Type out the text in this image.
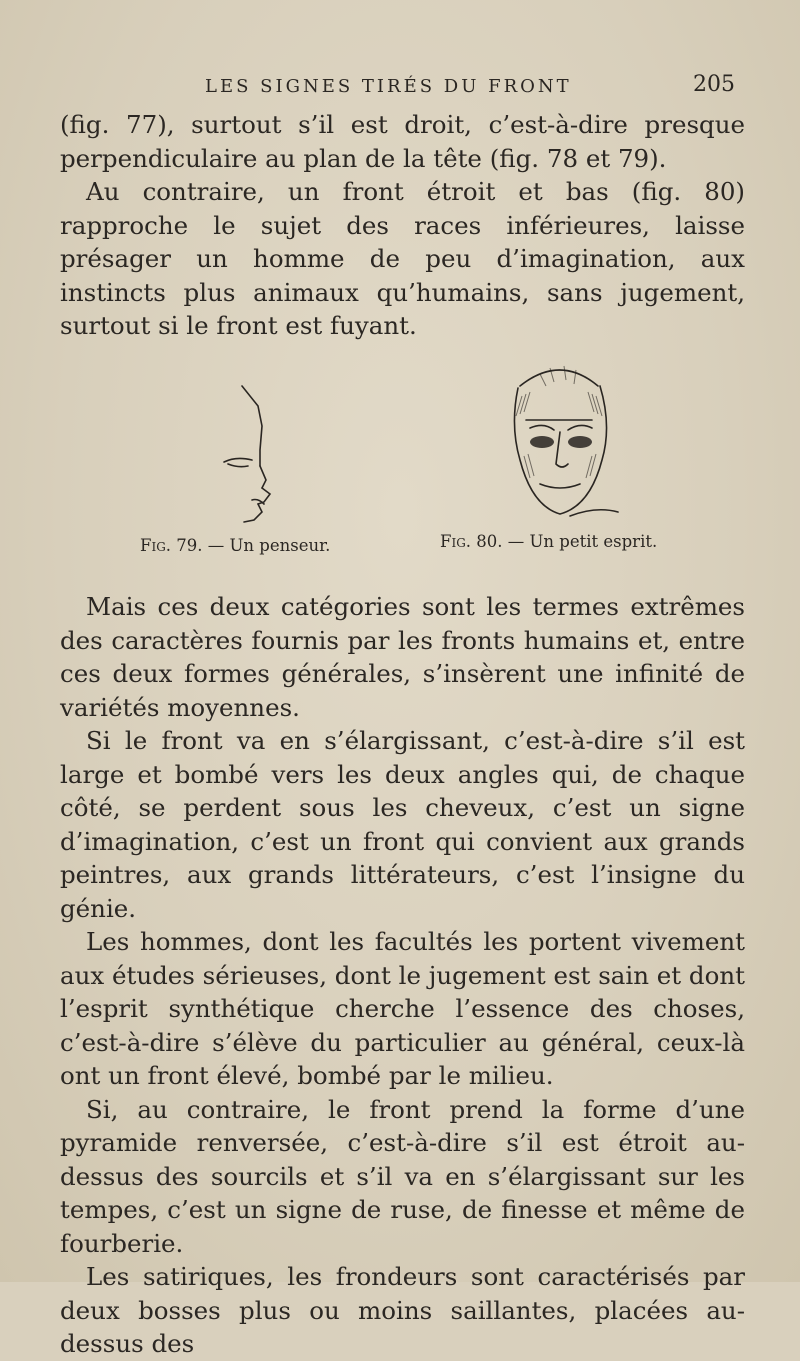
LES SIGNES TIRÉS DU FRONT	205

(fig. 77), surtout s’il est droit, c’est-à-dire presque perpendiculaire au plan de la tête (fig. 78 et 79).

Au contraire, un front étroit et bas (fig. 80) rapproche le sujet des races inférieures, laisse présager un homme de peu d’imagination, aux instincts plus animaux qu’humains, sans jugement, surtout si le front est fuyant.

Fig. 79. — Un penseur.	Fig. 80. — Un petit esprit.

Mais ces deux catégories sont les termes extrêmes des caractères fournis par les fronts humains et, entre ces deux formes générales, s’insèrent une infinité de variétés moyennes.

Si le front va en s’élargissant, c’est-à-dire s’il est large et bombé vers les deux angles qui, de chaque côté, se perdent sous les cheveux, c’est un signe d’imagination, c’est un front qui convient aux grands peintres, aux grands littérateurs, c’est l’insigne du génie.

Les hommes, dont les facultés les portent vivement aux études sérieuses, dont le jugement est sain et dont l’esprit synthétique cherche l’essence des choses, c’est-à-dire s’élève du particulier au général, ceux-là ont un front élevé, bombé par le milieu.

Si, au contraire, le front prend la forme d’une pyramide renversée, c’est-à-dire s’il est étroit au-dessus des sourcils et s’il va en s’élargissant sur les tempes, c’est un signe de ruse, de finesse et même de fourberie.

Les satiriques, les frondeurs sont caractérisés par deux bosses plus ou moins saillantes, placées au-dessus des
